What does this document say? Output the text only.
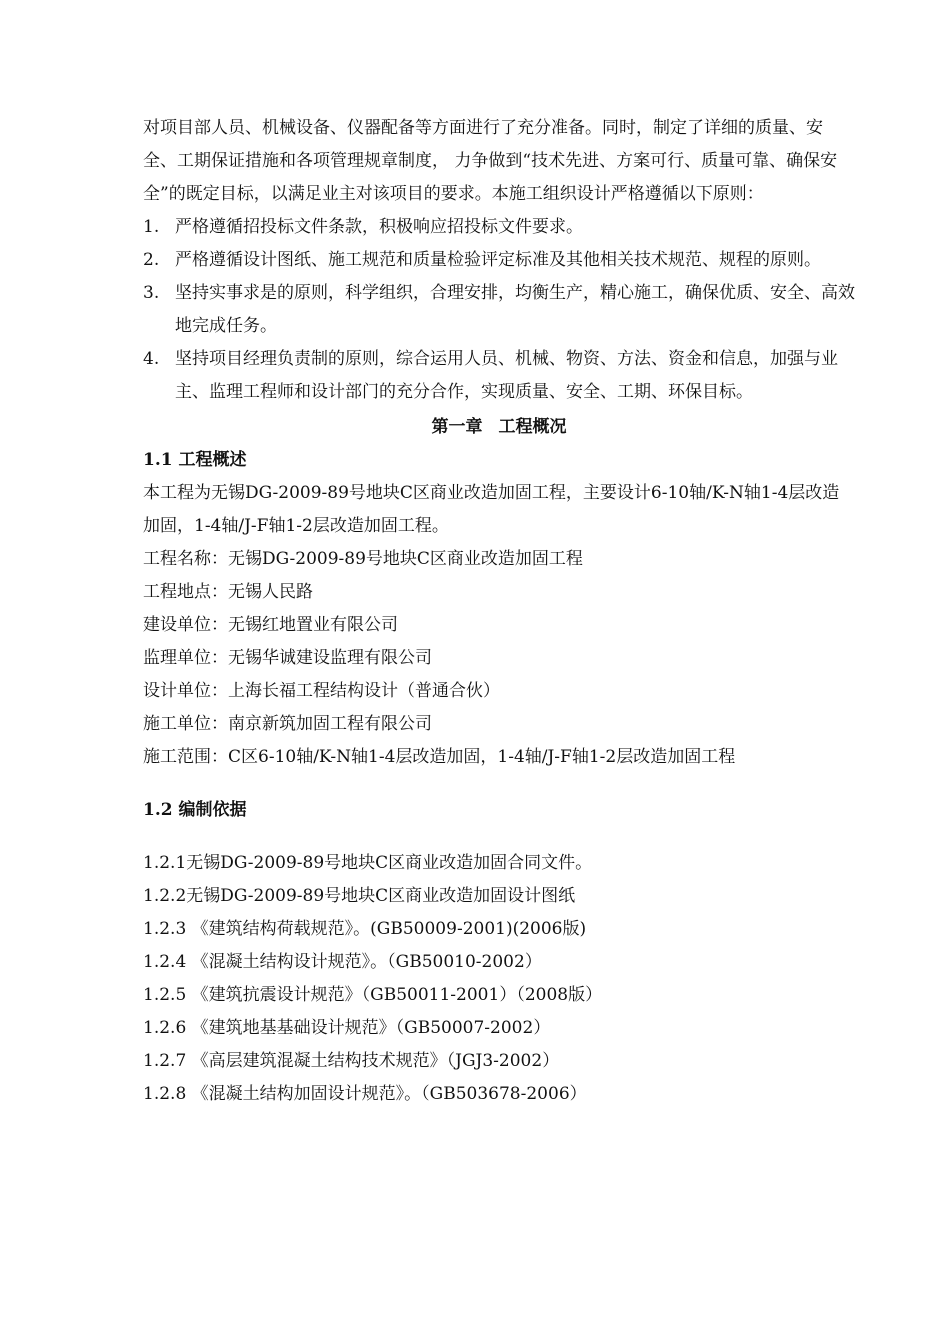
对项目部人员、机械设备、仪器配备等方面进行了充分准备。同时，制定了详细的质量、安全、工期保证措施和各项管理规章制度， 力争做到“技术先进、方案可行、质量可靠、确保安全”的既定目标，以满足业主对该项目的要求。本施工组织设计严格遵循以下原则：

1. 严格遵循招投标文件条款，积极响应招投标文件要求。
2. 严格遵循设计图纸、施工规范和质量检验评定标准及其他相关技术规范、规程的原则。
3. 坚持实事求是的原则，科学组织，合理安排，均衡生产，精心施工，确保优质、安全、高效地完成任务。
4. 坚持项目经理负责制的原则，综合运用人员、机械、物资、方法、资金和信息，加强与业主、监理工程师和设计部门的充分合作，实现质量、安全、工期、环保目标。
第一章 工程概况
1.1 工程概述

本工程为无锡DG-2009-89号地块C区商业改造加固工程，主要设计6-10轴/K-N轴1-4层改造加固，1-4轴/J-F轴1-2层改造加固工程。

工程名称：无锡DG-2009-89号地块C区商业改造加固工程
工程地点：无锡人民路
建设单位：无锡红地置业有限公司
监理单位：无锡华诚建设监理有限公司
设计单位：上海长福工程结构设计（普通合伙）
施工单位：南京新筑加固工程有限公司
施工范围：C区6-10轴/K-N轴1-4层改造加固，1-4轴/J-F轴1-2层改造加固工程
1.2 编制依据
1.2.1无锡DG-2009-89号地块C区商业改造加固合同文件。
1.2.2无锡DG-2009-89号地块C区商业改造加固设计图纸
1.2.3 《建筑结构荷载规范》。(GB50009-2001)(2006版)
1.2.4 《混凝土结构设计规范》。（GB50010-2002）
1.2.5 《建筑抗震设计规范》（GB50011-2001）（2008版）
1.2.6 《建筑地基基础设计规范》（GB50007-2002）
1.2.7 《高层建筑混凝土结构技术规范》（JGJ3-2002）
1.2.8 《混凝土结构加固设计规范》。（GB503678-2006）
